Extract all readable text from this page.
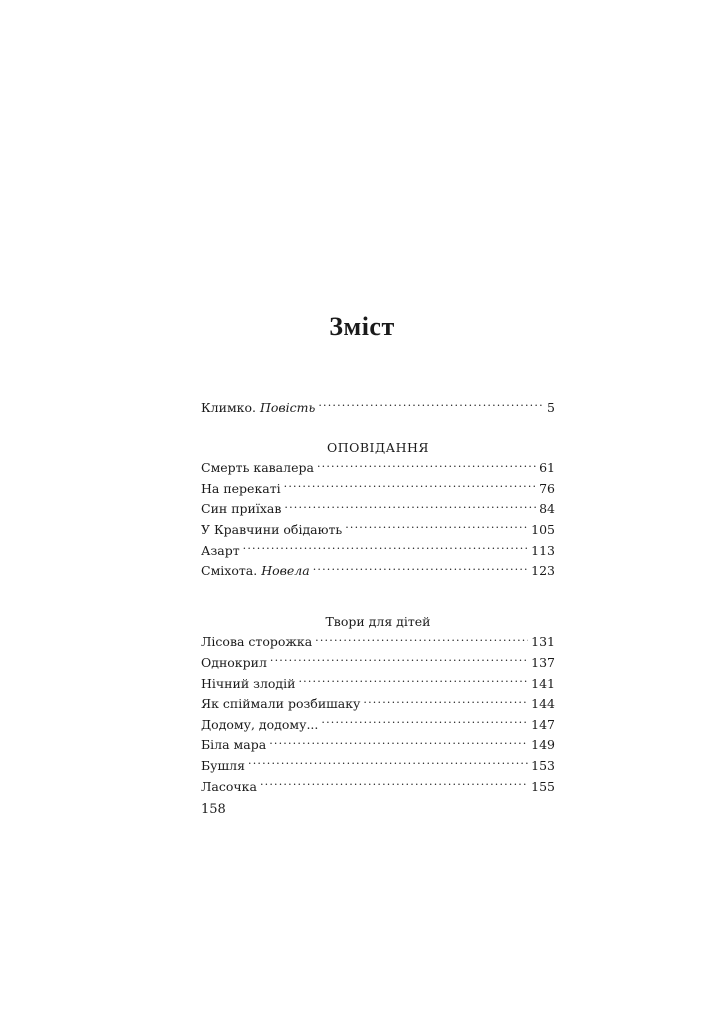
Зміст
Климко. Повість .....	5
ОПОВІДАННЯ
Смерть кавалера .....	61
На перекаті .....	76
Син приїхав .....	84
У Кравчини обідають .....	105
Азарт .....	113
Сміхота. Новела .....	123
Твори для дітей
Лісова сторожка .....	131
Однокрил .....	137
Нічний злодій .....	141
Як спіймали розбишаку .....	144
Додому, додому... .....	147
Біла мара .....	149
Бушля .....	153
Ласочка .....	155
158
